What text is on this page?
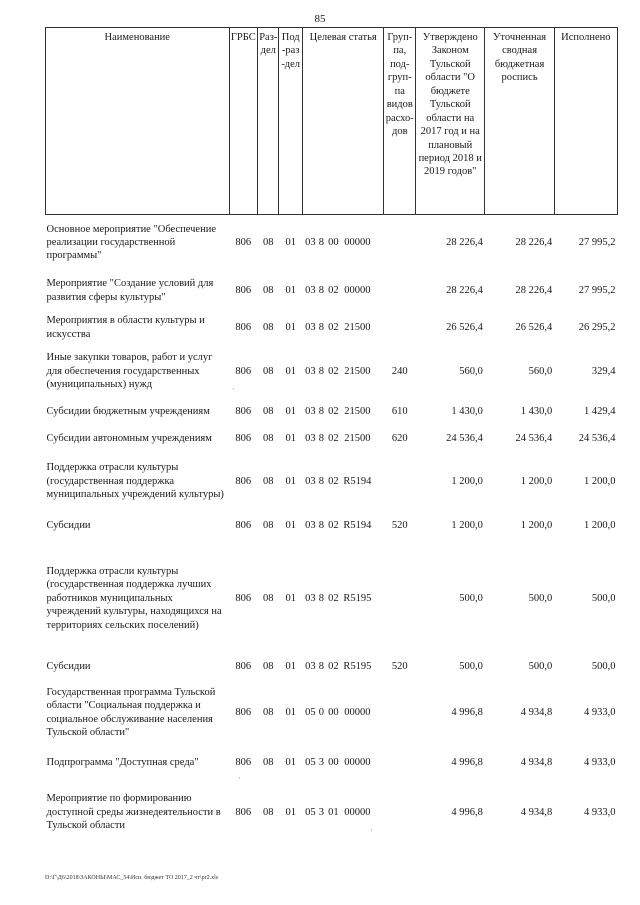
85
Наименование	ГРБС	Раз-дел	Под-раз-дел	Целевая статья	Груп-па, под-груп-па видов расхо-дов	Утверждено Законом Тульской области "О бюджете Тульской области на 2017 год и на плановый период 2018 и 2019 годов"	Уточненная сводная бюджетная роспись	Исполнено
Основное мероприятие "Обеспечение реализации государственной программы"	806	08	01	03 8 00 00000		28 226,4	28 226,4	27 995,2
Мероприятие "Создание условий для развития сферы культуры"	806	08	01	03 8 02 00000		28 226,4	28 226,4	27 995,2
Мероприятия в области культуры и искусства	806	08	01	03 8 02 21500		26 526,4	26 526,4	26 295,2
Иные закупки товаров, работ и услуг для обеспечения государственных (муниципальных) нужд	806	08	01	03 8 02 21500	240	560,0	560,0	329,4
Субсидии бюджетным учреждениям	806	08	01	03 8 02 21500	610	1 430,0	1 430,0	1 429,4
Субсидии автономным учреждениям	806	08	01	03 8 02 21500	620	24 536,4	24 536,4	24 536,4
Поддержка отрасли культуры (государственная поддержка муниципальных учреждений культуры)	806	08	01	03 8 02 R5194		1 200,0	1 200,0	1 200,0
Субсидии	806	08	01	03 8 02 R5194	520	1 200,0	1 200,0	1 200,0
Поддержка отрасли культуры (государственная поддержка лучших работников муниципальных учреждений культуры, находящихся на территориях сельских поселений)	806	08	01	03 8 02 R5195		500,0	500,0	500,0
Субсидии	806	08	01	03 8 02 R5195	520	500,0	500,0	500,0
Государственная программа Тульской области "Социальная поддержка и социальное обслуживание населения Тульской области"	806	08	01	05 0 00 00000		4 996,8	4 934,8	4 933,0
Подпрограмма "Доступная среда"	806	08	01	05 3 00 00000		4 996,8	4 934,8	4 933,0
Мероприятие по формированию доступной среды жизнедеятельности в Тульской области	806	08	01	05 3 01 00000		4 996,8	4 934,8	4 933,0
·
·
·
D:\Г\Д6\2018\ЗАКОНЫ\МАС_54\Исп. бюджет ТО 2017_2 чт\pr2.xls
